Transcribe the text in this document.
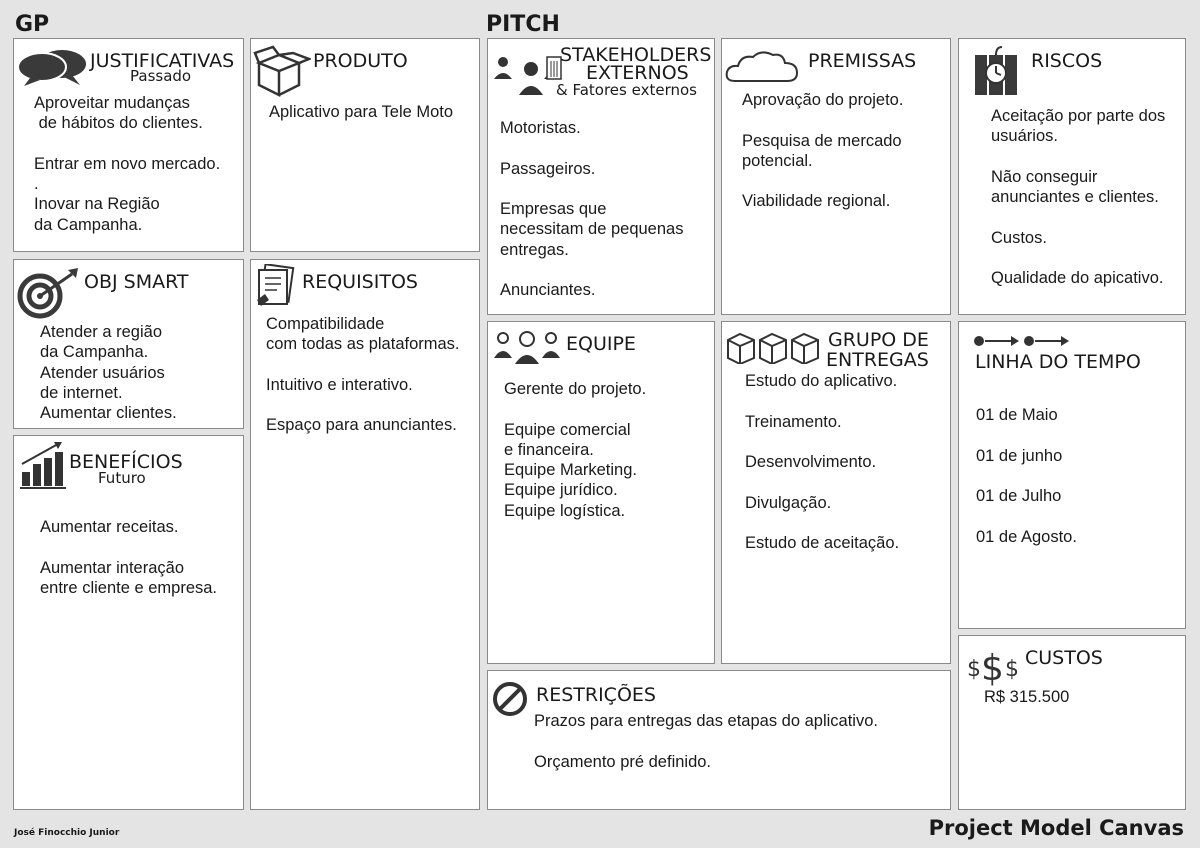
GP	PITCH
JUSTIFICATIVAS
Passado
Aproveitar mudanças
de hábitos do clientes.
Entrar em novo mercado.
.
Inovar na Região
da Campanha.
PRODUTO
Aplicativo para Tele Moto
STAKEHOLDERS
EXTERNOS
& Fatores externos
Motoristas.
Passageiros.
Empresas que
necessitam de pequenas
entregas.
Anunciantes.
PREMISSAS
Aprovação do projeto.
Pesquisa de mercado
potencial.
Viabilidade regional.
RISCOS
Aceitação por parte dos
usuários.
Não conseguir
anunciantes e clientes.
Custos.
Qualidade do apicativo.
OBJ SMART
Atender a região
da Campanha.
Atender usuários
de internet.
Aumentar clientes.
REQUISITOS
Compatibilidade
com todas as plataformas.
Intuitivo e interativo.
Espaço para anunciantes.
EQUIPE
Gerente do projeto.
Equipe comercial
e financeira.
Equipe Marketing.
Equipe jurídico.
Equipe logística.
GRUPO DE
ENTREGAS
Estudo do aplicativo.
Treinamento.
Desenvolvimento.
Divulgação.
Estudo de aceitação.
LINHA DO TEMPO
01 de Maio
01 de junho
01 de Julho
01 de Agosto.
BENEFÍCIOS
Futuro
Aumentar receitas.
Aumentar interação
entre cliente e empresa.
$ $ $ CUSTOS
R$ 315.500
RESTRIÇÕES
Prazos para entregas das etapas do aplicativo.
Orçamento pré definido.
José Finocchio Junior	Project Model Canvas
